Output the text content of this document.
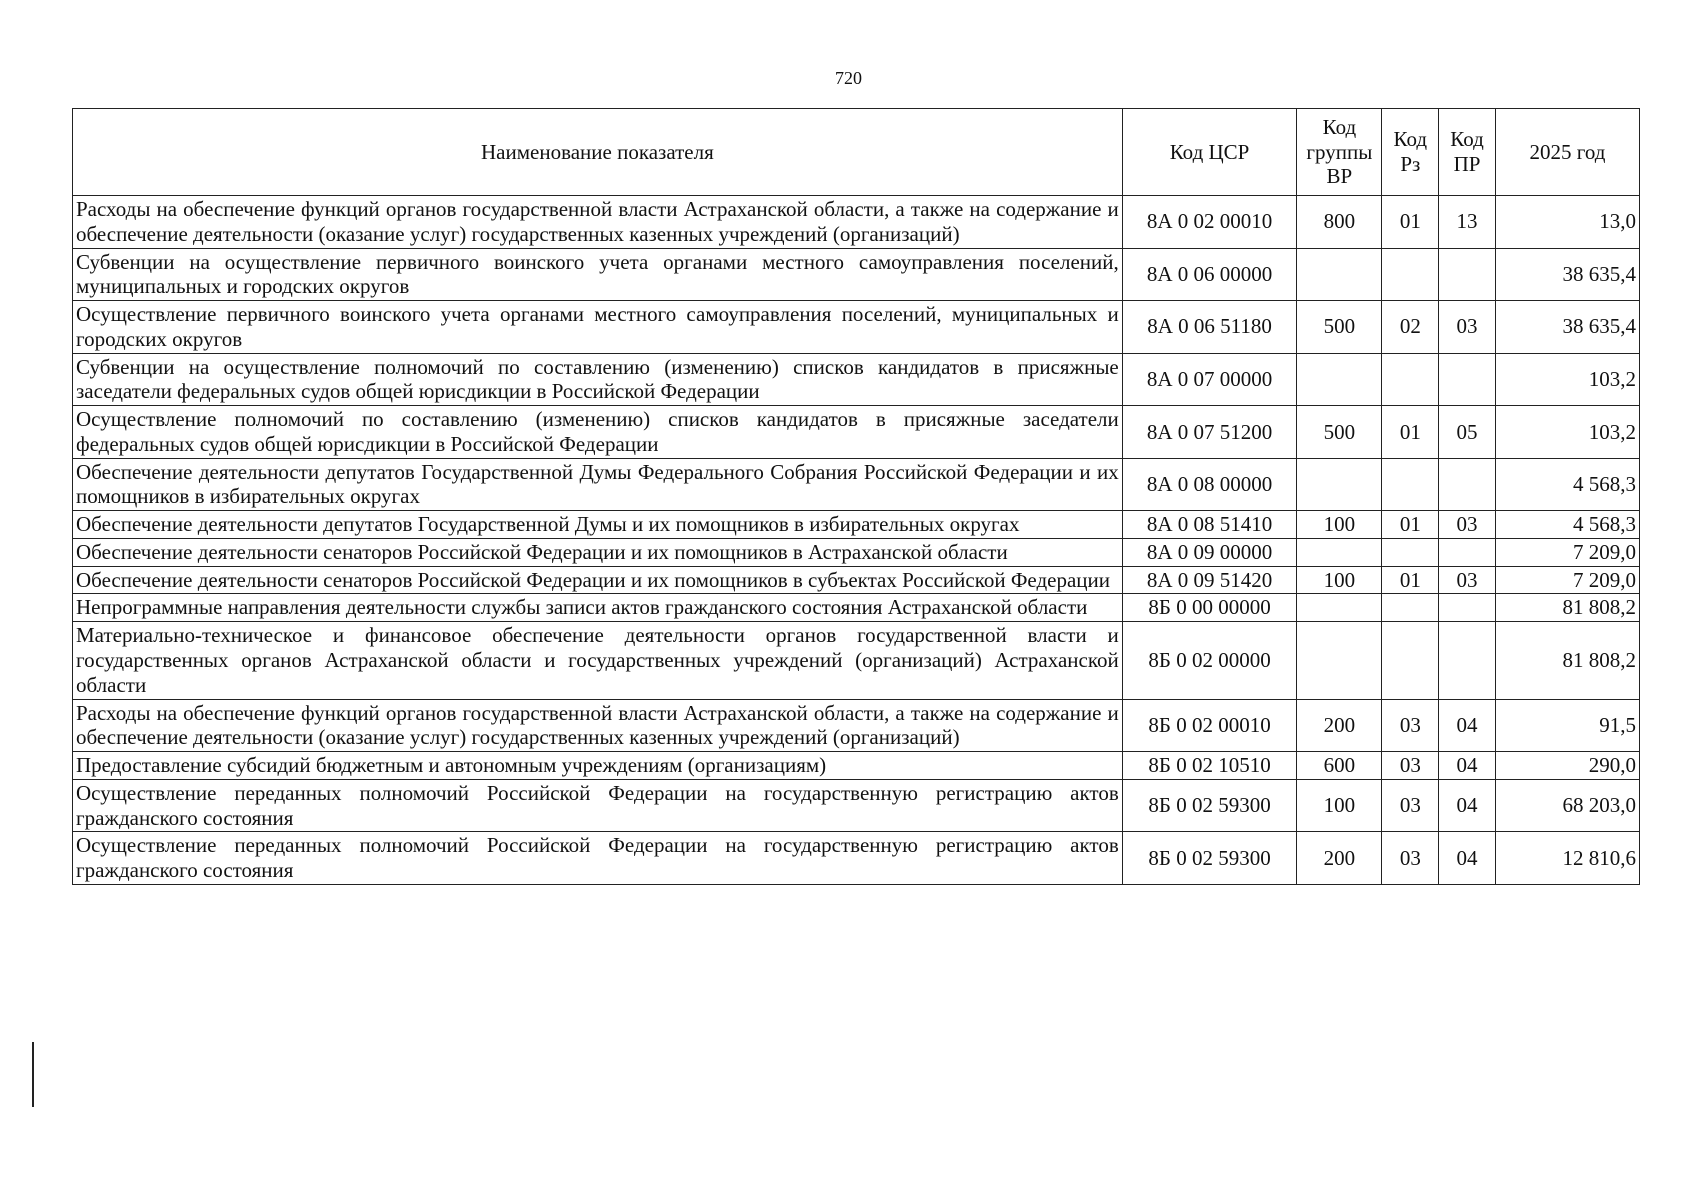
720
Наименование показателя	Код ЦСР	Код группы ВР	Код Рз	Код ПР	2025 год
Расходы на обеспечение функций органов государственной власти Астраханской области, а также на содержание и обеспечение деятельности (оказание услуг) государственных казенных учреждений (организаций)	8А 0 02 00010	800	01	13	13,0
Субвенции на осуществление первичного воинского учета органами местного самоуправления поселений, муниципальных и городских округов	8А 0 06 00000				38 635,4
Осуществление первичного воинского учета органами местного самоуправления поселений, муниципальных и городских округов	8А 0 06 51180	500	02	03	38 635,4
Субвенции на осуществление полномочий по составлению (изменению) списков кандидатов в присяжные заседатели федеральных судов общей юрисдикции в Российской Федерации	8А 0 07 00000				103,2
Осуществление полномочий по составлению (изменению) списков кандидатов в присяжные заседатели федеральных судов общей юрисдикции в Российской Федерации	8А 0 07 51200	500	01	05	103,2
Обеспечение деятельности депутатов Государственной Думы Федерального Собрания Российской Федерации и их помощников в избирательных округах	8А 0 08 00000				4 568,3
Обеспечение деятельности депутатов Государственной Думы и их помощников в избирательных округах	8А 0 08 51410	100	01	03	4 568,3
Обеспечение деятельности сенаторов Российской Федерации и их помощников в Астраханской области	8А 0 09 00000				7 209,0
Обеспечение деятельности сенаторов Российской Федерации и их помощников в субъектах Российской Федерации	8А 0 09 51420	100	01	03	7 209,0
Непрограммные направления деятельности службы записи актов гражданского состояния Астраханской области	8Б 0 00 00000				81 808,2
Материально-техническое и финансовое обеспечение деятельности органов государственной власти и государственных органов Астраханской области и государственных учреждений (организаций) Астраханской области	8Б 0 02 00000				81 808,2
Расходы на обеспечение функций органов государственной власти Астраханской области, а также на содержание и обеспечение деятельности (оказание услуг) государственных казенных учреждений (организаций)	8Б 0 02 00010	200	03	04	91,5
Предоставление субсидий бюджетным и автономным учреждениям (организациям)	8Б 0 02 10510	600	03	04	290,0
Осуществление переданных полномочий Российской Федерации на государственную регистрацию актов гражданского состояния	8Б 0 02 59300	100	03	04	68 203,0
Осуществление переданных полномочий Российской Федерации на государственную регистрацию актов гражданского состояния	8Б 0 02 59300	200	03	04	12 810,6
